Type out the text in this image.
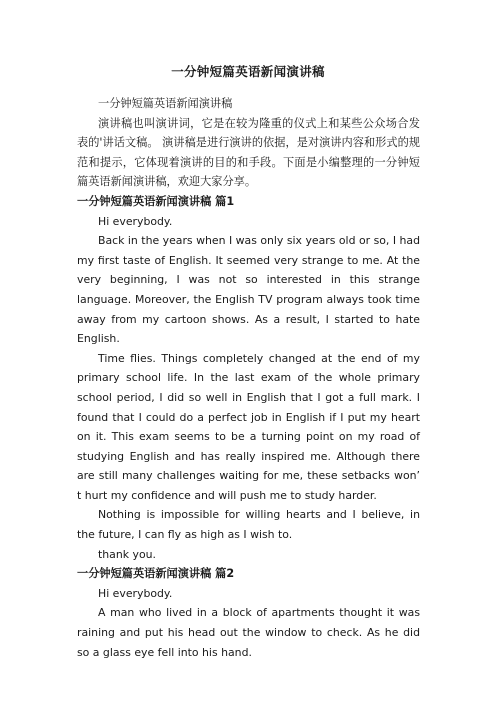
一分钟短篇英语新闻演讲稿

一分钟短篇英语新闻演讲稿

演讲稿也叫演讲词，它是在较为隆重的仪式上和某些公众场合发表的'讲话文稿。 演讲稿是进行演讲的依据，是对演讲内容和形式的规范和提示，它体现着演讲的目的和手段。下面是小编整理的一分钟短篇英语新闻演讲稿，欢迎大家分享。

一分钟短篇英语新闻演讲稿 篇1

Hi everybody.

Back in the years when I was only six years old or so, I had my first taste of English. It seemed very strange to me. At the very beginning, I was not so interested in this strange language. Moreover, the English TV program always took time away from my cartoon shows. As a result, I started to hate English.

Time flies. Things completely changed at the end of my primary school life. In the last exam of the whole primary school period, I did so well in English that I got a full mark. I found that I could do a perfect job in English if I put my heart on it. This exam seems to be a turning point on my road of studying English and has really inspired me. Although there are still many challenges waiting for me, these setbacks won’ t hurt my confidence and will push me to study harder.

Nothing is impossible for willing hearts and I believe, in the future, I can fly as high as I wish to.

thank you.

一分钟短篇英语新闻演讲稿 篇2

Hi everybody.

A man who lived in a block of apartments thought it was raining and put his head out the window to check. As he did so a glass eye fell into his hand.
